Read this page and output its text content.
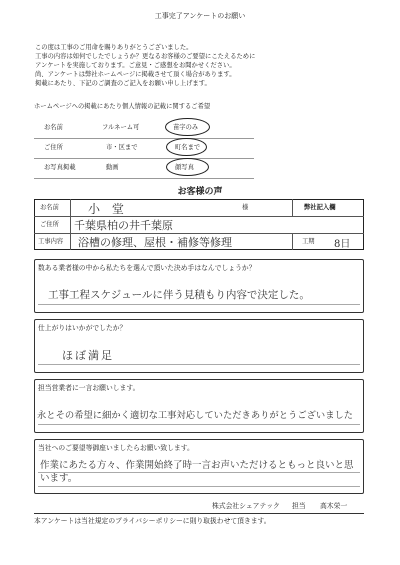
工事完了アンケートのお願い
この度は工事のご用命を賜りありがとうございました。
工事の内容は如何でしたでしょうか？更なるお客様のご要望にこたえるために
アンケートを実施しております。ご意見・ご感想をお聞かせください。
尚、アンケートは弊社ホームページに掲載させて頂く場合があります。
掲載にあたり、下記のご調査のご記入をお願い申し上げます。
ホームページへの掲載にあたり個人情報の記載に関するご希望
お名前	フルネーム可	苗字のみ
ご住所	市・区まで	町名まで
お写真掲載	動画	顔写真
お客様の声
お名前 小 堂	様	弊社記入欄
ご住所 千葉県柏の井千葉原
工事内容 浴槽の修理、屋根・補修等修理	工期 8日
数ある業者様の中から私たちを選んで頂いた決め手はなんでしょうか？
工事工程スケジュールに伴う見積もり内容で決定した。
仕上がりはいかがでしたか？
ほぼ満足
担当営業者に一言お願いします。
永とその希望に細かく適切な工事対応していただきありがとうございました
当社へのご要望等御座いましたらお願い致します。
作業にあたる方々、作業開始終了時一言お声いただけるともっと良いと思います。
株式会社シェアテック 担当 高木栄一
本アンケートは当社規定のプライバシーポリシーに則り取扱わせて頂きます。
